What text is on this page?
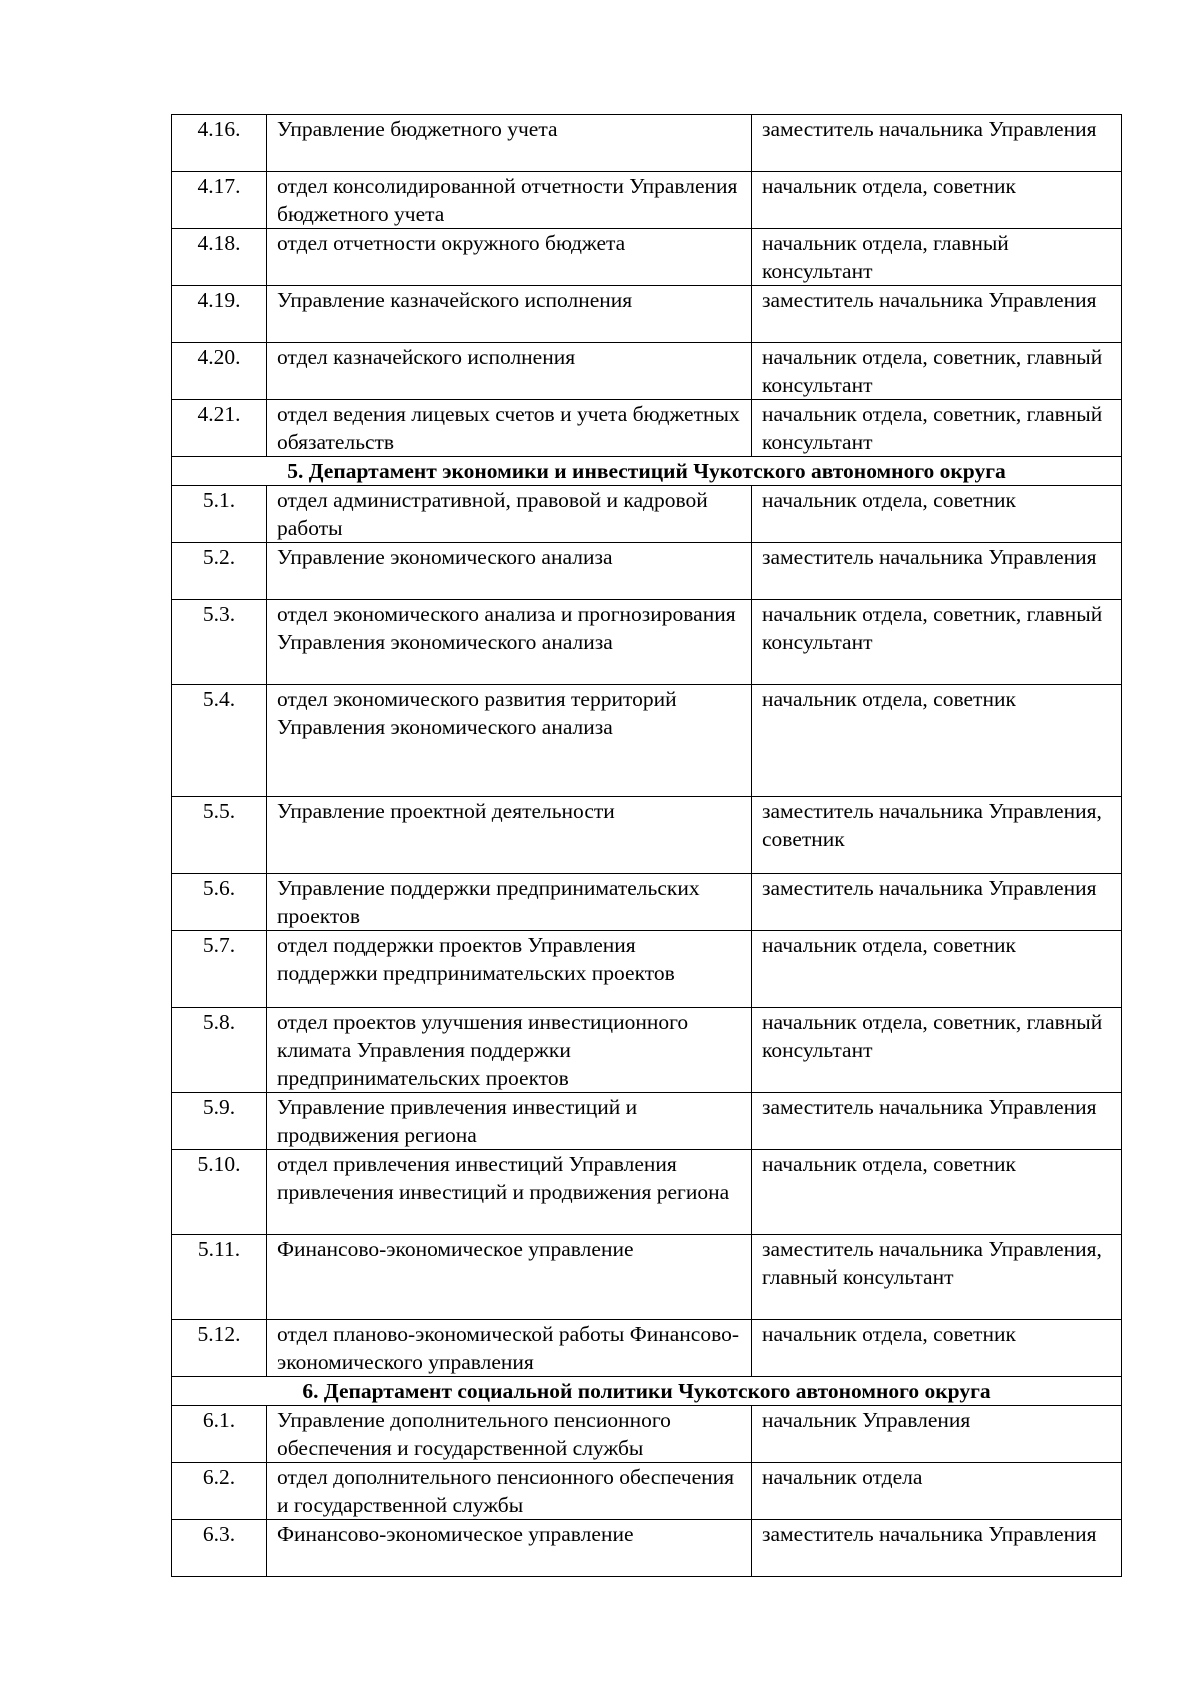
4.16.	Управление бюджетного учета	заместитель начальника Управления
4.17.	отдел консолидированной отчетности Управления бюджетного учета	начальник отдела, советник
4.18.	отдел отчетности окружного бюджета	начальник отдела, главный консультант
4.19.	Управление казначейского исполнения	заместитель начальника Управления
4.20.	отдел казначейского исполнения	начальник отдела, советник, главный консультант
4.21.	отдел ведения лицевых счетов и учета бюджетных обязательств	начальник отдела, советник, главный консультант
5. Департамент экономики и инвестиций Чукотского автономного округа		
5.1.	отдел административной, правовой и кадровой работы	начальник отдела, советник
5.2.	Управление экономического анализа	заместитель начальника Управления
5.3.	отдел экономического анализа и прогнозирования Управления экономического анализа	начальник отдела, советник, главный консультант
5.4.	отдел экономического развития территорий Управления экономического анализа	начальник отдела, советник
5.5.	Управление проектной деятельности	заместитель начальника Управления, советник
5.6.	Управление поддержки предпринимательских проектов	заместитель начальника Управления
5.7.	отдел поддержки проектов Управления поддержки предпринимательских проектов	начальник отдела, советник
5.8.	отдел проектов улучшения инвестиционного климата Управления поддержки предпринимательских проектов	начальник отдела, советник, главный консультант
5.9.	Управление привлечения инвестиций и продвижения региона	заместитель начальника Управления
5.10.	отдел привлечения инвестиций Управления привлечения инвестиций и продвижения региона	начальник отдела, советник
5.11.	Финансово-экономическое управление	заместитель начальника Управления, главный консультант
5.12.	отдел планово-экономической работы Финансово-экономического управления	начальник отдела, советник
6. Департамент социальной политики Чукотского автономного округа		
6.1.	Управление дополнительного пенсионного обеспечения и государственной службы	начальник Управления
6.2.	отдел дополнительного пенсионного обеспечения и государственной службы	начальник отдела
6.3.	Финансово-экономическое управление	заместитель начальника Управления
